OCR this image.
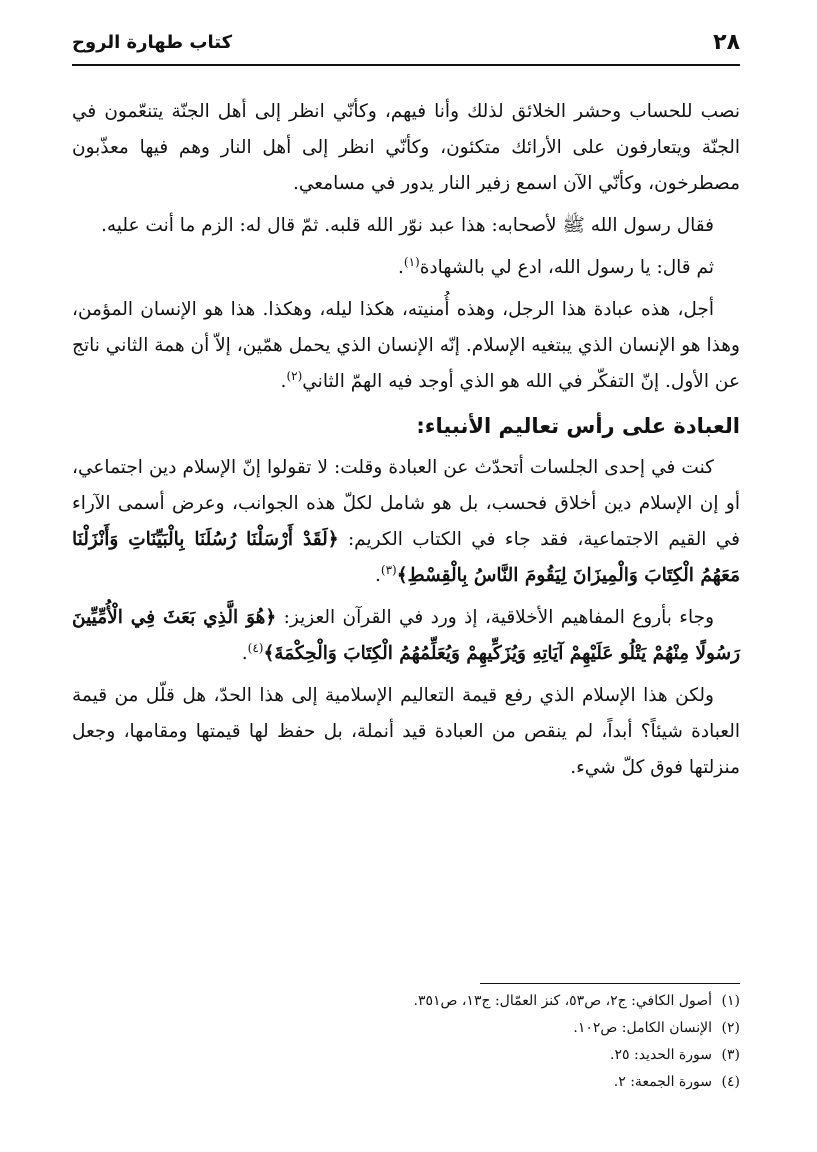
٢٨
كتاب طهارة الروح

نصب للحساب وحشر الخلائق لذلك وأنا فيهم، وكأنّي انظر إلى أهل الجنّة يتنعّمون في الجنّة ويتعارفون على الأرائك متكئون، وكأنّي انظر إلى أهل النار وهم فيها معذّبون مصطرخون، وكأنّي الآن اسمع زفير النار يدور في مسامعي.

فقال رسول الله ﷺ لأصحابه: هذا عبد نوّر الله قلبه. ثمّ قال له: الزم ما أنت عليه.

ثم قال: يا رسول الله، ادع لي بالشهادة$^{(١)}$.

أجل، هذه عبادة هذا الرجل، وهذه أُمنيته، هكذا ليله، وهكذا. هذا هو الإنسان المؤمن، وهذا هو الإنسان الذي يبتغيه الإسلام. إنّه الإنسان الذي يحمل همّين، إلاّ أن همة الثاني ناتج عن الأول. إنّ التفكّر في الله هو الذي أوجد فيه الهمّ الثاني$^{(٢)}$.

العبادة على رأس تعاليم الأنبياء:

كنت في إحدى الجلسات أتحدّث عن العبادة وقلت: لا تقولوا إنّ الإسلام دين اجتماعي، أو إن الإسلام دين أخلاق فحسب، بل هو شامل لكلّ هذه الجوانب، وعرض أسمى الآراء في القيم الاجتماعية، فقد جاء في الكتاب الكريم: ﴿لَقَدْ أَرْسَلْنَا رُسُلَنَا بِالْبَيِّنَاتِ وَأَنْزَلْنَا مَعَهُمُ الْكِتَابَ وَالْمِيزَانَ لِيَقُومَ النَّاسُ بِالْقِسْطِ﴾$^{(٣)}$.

وجاء بأروع المفاهيم الأخلاقية، إذ ورد في القرآن العزيز: ﴿هُوَ الَّذِي بَعَثَ فِي الْأُمِّيِّينَ رَسُولًا مِنْهُمْ يَتْلُو عَلَيْهِمْ آيَاتِهِ وَيُزَكِّيهِمْ وَيُعَلِّمُهُمُ الْكِتَابَ وَالْحِكْمَةَ﴾$^{(٤)}$.

ولكن هذا الإسلام الذي رفع قيمة التعاليم الإسلامية إلى هذا الحدّ، هل قلّل من قيمة العبادة شيئاً؟ أبداً، لم ينقص من العبادة قيد أنملة، بل حفظ لها قيمتها ومقامها، وجعل منزلتها فوق كلّ شيء.

(١)أصول الكافي: ج٢، ص٥٣، كنز العمّال: ج١٣، ص٣٥١.
(٢)الإنسان الكامل: ص١٠٢.
(٣)سورة الحديد: ٢٥.
(٤)سورة الجمعة: ٢.
